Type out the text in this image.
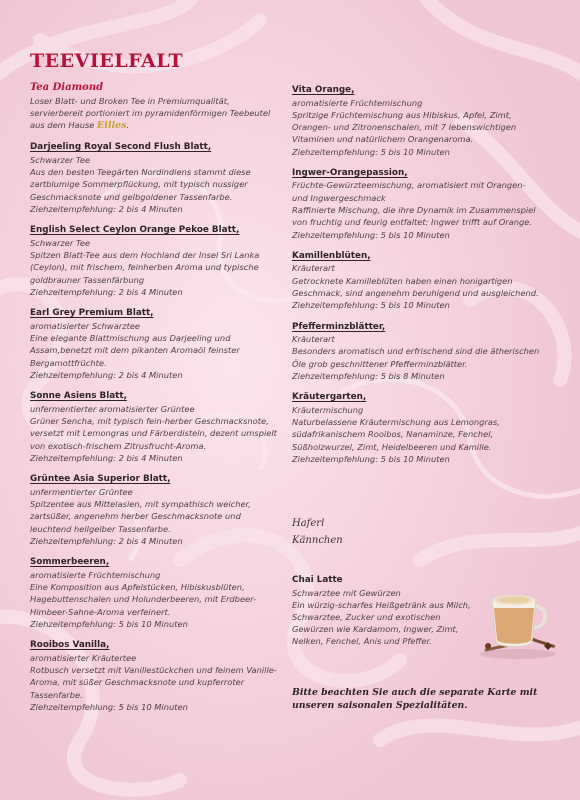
TEEVIELFALT
Tea Diamond
Loser Blatt- und Broken Tee in Premiumqualität, servierbereit portioniert im pyramidenförmigen Teebeutel aus dem Hause Eilles.
Darjeeling Royal Second Flush Blatt,
Schwarzer Tee
Aus den besten Teegärten Nordindiens stammt diese zartblumige Sommerpflückung, mit typisch nussiger Geschmacksnote und gelbgoldener Tassenfarbe.
Ziehzeitempfehlung: 2 bis 4 Minuten
English Select Ceylon Orange Pekoe Blatt,
Schwarzer Tee
Spitzen Blatt-Tee aus dem Hochland der Insel Sri Lanka (Ceylon), mit frischem, feinherben Aroma und typische goldbrauner Tassenfärbung
Ziehzeitempfehlung: 2 bis 4 Minuten
Earl Grey Premium Blatt,
aromatisierter Schwarztee
Eine elegante Blattmischung aus Darjeeling und Assam,benetzt mit dem pikanten Aromaöl feinster Bergamottfrüchte.
Ziehzeitempfehlung: 2 bis 4 Minuten
Sonne Asiens Blatt,
unfermentierter aromatisierter Grüntee
Grüner Sencha, mit typisch fein-herber Geschmacksnote, versetzt mit Lemongras und Färberdisteln, dezent umspielt von exotisch-frischem Zitrusfrucht-Aroma.
Ziehzeitempfehlung: 2 bis 4 Minuten
Grüntee Asia Superior Blatt,
unfermentierter Grüntee
Spitzentee aus Mittelasien, mit sympathisch weicher, zartsüßer, angenehm herber Geschmacksnote und leuchtend hellgelber Tassenfarbe.
Ziehzeitempfehlung: 2 bis 4 Minuten
Sommerbeeren,
aromatisierte Früchtemischung
Eine Komposition aus Apfelstücken, Hibiskusblüten, Hagebuttenschalen und Holunderbeeren, mit Erdbeer-Himbeer-Sahne-Aroma verfeinert.
Ziehzeitempfehlung: 5 bis 10 Minuten
Rooibos Vanilla,
aromatisierter Kräutertee
Rotbusch versetzt mit Vanillestückchen und feinem Vanille-Aroma, mit süßer Geschmacksnote und kupferroter Tassenfarbe.
Ziehzeitempfehlung: 5 bis 10 Minuten
Vita Orange,
aromatisierte Früchtemischung
Spritzige Früchtemischung aus Hibiskus, Apfel, Zimt, Orangen- und Zitronenschalen, mit 7 lebenswichtigen Vitaminen und natürlichem Orangenaroma.
Ziehzeitempfehlung: 5 bis 10 Minuten
Ingwer-Orangepassion,
Früchte-Gewürzteemischung, aromatisiert mit Orangen- und Ingwergeschmack
Raffinierte Mischung, die ihre Dynamik im Zusammenspiel von fruchtig und feurig entfaltet: Ingwer trifft auf Orange.
Ziehzeitempfehlung: 5 bis 10 Minuten
Kamillenblüten,
Kräuterart
Getrocknete Kamilleblüten haben einen honigartigen Geschmack, sind angenehm beruhigend und ausgleichend.
Ziehzeitempfehlung: 5 bis 10 Minuten
Pfefferminzblätter,
Kräuterart
Besonders aromatisch und erfrischend sind die ätherischen Öle grob geschnittener Pfefferminzblätter.
Ziehzeitempfehlung: 5 bis 8 Minuten
Kräutergarten,
Kräutermischung
Naturbelassene Kräutermischung aus Lemongras, südafrikanischem Rooibos, Nanaminze, Fenchel, Süßholzwurzel, Zimt, Heidelbeeren und Kamille.
Ziehzeitempfehlung: 5 bis 10 Minuten
Haferl
Kännchen
Chai Latte
Schwarztee mit Gewürzen
Ein würzig-scharfes Heißgetränk aus Milch, Schwarztee, Zucker und exotischen Gewürzen wie Kardamom, Ingwer, Zimt, Nelken, Fenchel, Anis und Pfeffer.
Bitte beachten Sie auch die separate Karte mit unseren saisonalen Spezialitäten.
